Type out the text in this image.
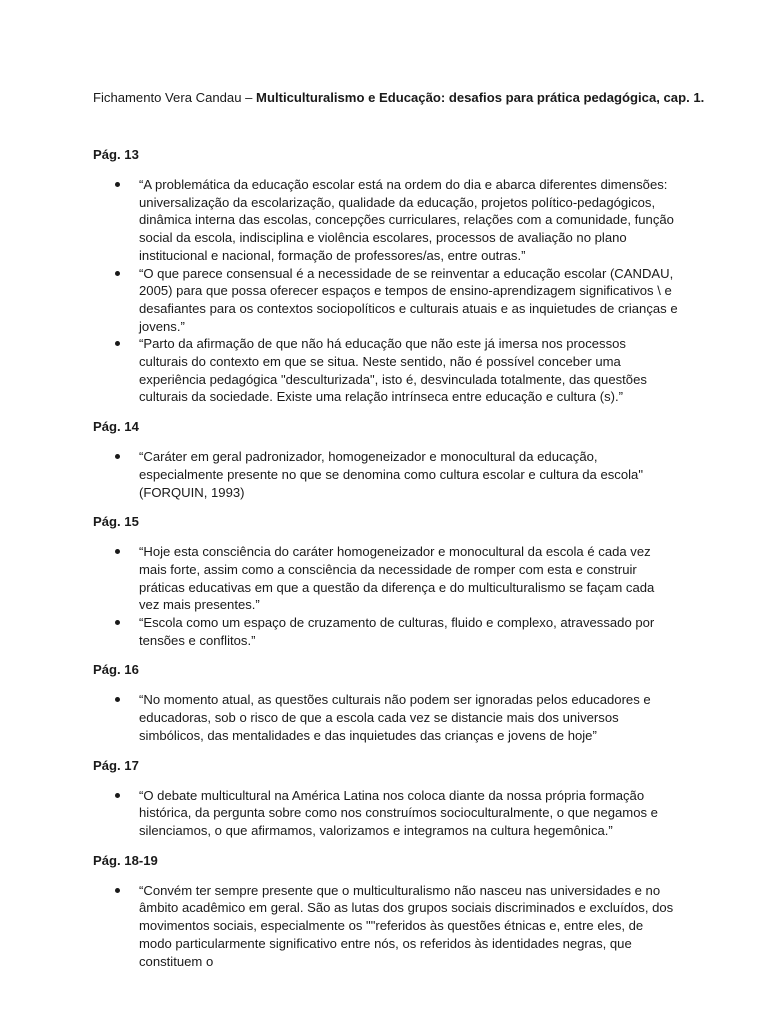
Fichamento Vera Candau – Multiculturalismo e Educação: desafios para prática pedagógica, cap. 1.

Pág. 13
“A problemática da educação escolar está na ordem do dia e abarca diferentes dimensões: universalização da escolarização, qualidade da educação, projetos político-pedagógicos, dinâmica interna das escolas, concepções curriculares, relações com a comunidade, função social da escola, indisciplina e violência escolares, processos de avaliação no plano institucional e nacional, formação de professores/as, entre outras.”
“O que parece consensual é a necessidade de se reinventar a educação escolar (CANDAU, 2005) para que possa oferecer espaços e tempos de ensino-aprendizagem significativos \ e desafiantes para os contextos sociopolíticos e culturais atuais e as inquietudes de crianças e jovens.”
“Parto da afirmação de que não há educação que não este já imersa nos processos culturais do contexto em que se situa. Neste sentido, não é possível conceber uma experiência pedagógica "desculturizada", isto é, desvinculada totalmente, das questões culturais da sociedade. Existe uma relação intrínseca entre educação e cultura (s).”
Pág. 14
“Caráter em geral padronizador, homogeneizador e monocultural da educação, especialmente presente no que se denomina como cultura escolar e cultura da escola" (FORQUIN, 1993)
Pág. 15
“Hoje esta consciência do caráter homogeneizador e monocultural da escola é cada vez mais forte, assim como a consciência da necessidade de romper com esta e construir práticas educativas em que a questão da diferença e do multiculturalismo se façam cada vez mais presentes.”
“Escola como um espaço de cruzamento de culturas, fluido e complexo, atravessado por tensões e conflitos.”
Pág. 16
“No momento atual, as questões culturais não podem ser ignoradas pelos educadores e educadoras, sob o risco de que a escola cada vez se distancie mais dos universos simbólicos, das mentalidades e das inquietudes das crianças e jovens de hoje”
Pág. 17
“O debate multicultural na América Latina nos coloca diante da nossa própria formação histórica, da pergunta sobre como nos construímos socioculturalmente, o que negamos e silenciamos, o que afirmamos, valorizamos e integramos na cultura hegemônica.”
Pág. 18-19
“Convém ter sempre presente que o multiculturalismo não nasceu nas universidades e no âmbito acadêmico em geral. São as lutas dos grupos sociais discriminados e excluídos, dos movimentos sociais, especialmente os ""referidos às questões étnicas e, entre eles, de modo particularmente significativo entre nós, os referidos às identidades negras, que constituem o
